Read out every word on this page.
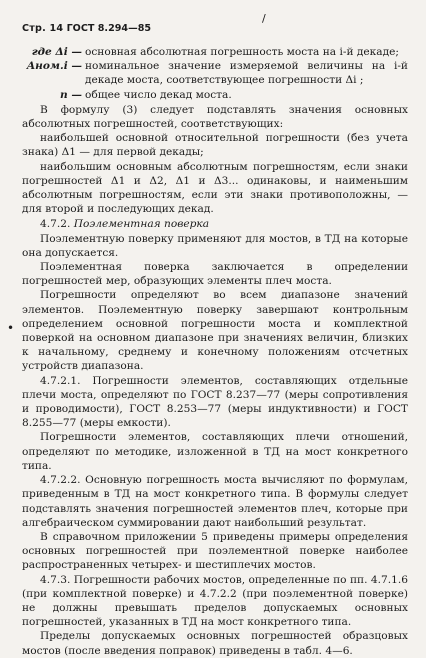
Стр. 14 ГОСТ 8.294—85
/
где Δi — основная абсолютная погрешность моста на i-й декаде;
Aном.i — номинальное значение измеряемой величины на i-й декаде моста, соответствующее погрешности Δi ;
n — общее число декад моста.

В формулу (3) следует подставлять значения основных абсолютных погрешностей, соответствующих:

наибольшей основной относительной погрешности (без учета знака) Δ1 — для первой декады;

наибольшим основным абсолютным погрешностям, если знаки погрешностей Δ1 и Δ2, Δ1 и Δ3... одинаковы, и наименьшим абсолютным погрешностям, если эти знаки противоположны, — для второй и последующих декад.

4.7.2. Поэлементная поверка

Поэлементную поверку применяют для мостов, в ТД на которые она допускается.

Поэлементная поверка заключается в определении погрешностей мер, образующих элементы плеч моста.

Погрешности определяют во всем диапазоне значений элементов. Поэлементную поверку завершают контрольным определением основной погрешности моста и комплектной поверкой на основном диапазоне при значениях величин, близких к начальному, среднему и конечному положениям отсчетных устройств диапазона.

4.7.2.1. Погрешности элементов, составляющих отдельные плечи моста, определяют по ГОСТ 8.237—77 (меры сопротивления и проводимости), ГОСТ 8.253—77 (меры индуктивности) и ГОСТ 8.255—77 (меры емкости).

Погрешности элементов, составляющих плечи отношений, определяют по методике, изложенной в ТД на мост конкретного типа.

4.7.2.2. Основную погрешность моста вычисляют по формулам, приведенным в ТД на мост конкретного типа. В формулы следует подставлять значения погрешностей элементов плеч, которые при алгебраическом суммировании дают наибольший результат.

В справочном приложении 5 приведены примеры определения основных погрешностей при поэлементной поверке наиболее распространенных четырех- и шестиплечих мостов.

4.7.3. Погрешности рабочих мостов, определенные по пп. 4.7.1.6 (при комплектной поверке) и 4.7.2.2 (при поэлементной поверке) не должны превышать пределов допускаемых основных погрешностей, указанных в ТД на мост конкретного типа.

Пределы допускаемых основных погрешностей образцовых мостов (после введения поправок) приведены в табл. 4—6.

•
